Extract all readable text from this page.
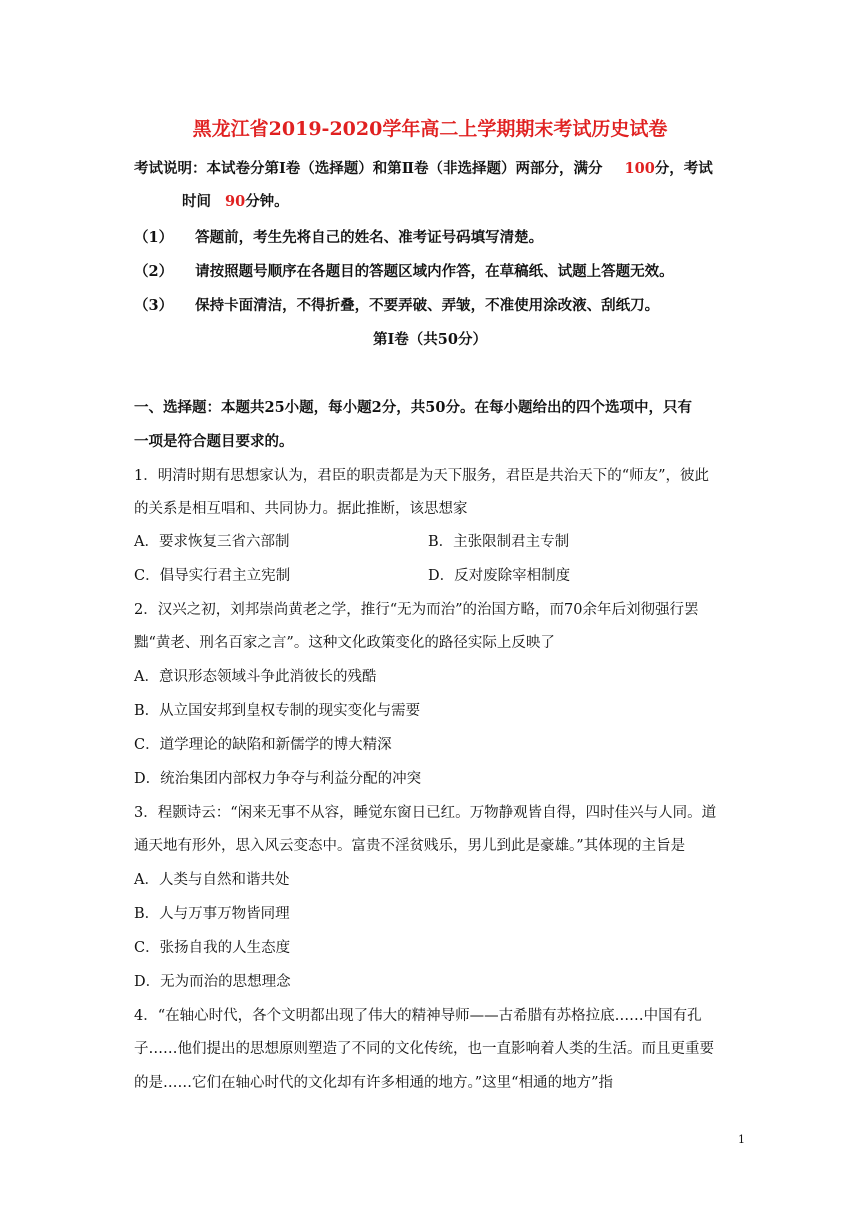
黑龙江省2019-2020学年高二上学期期末考试历史试卷
考试说明：本试卷分第Ⅰ卷（选择题）和第Ⅱ卷（非选择题）两部分，满分 100分，考试
时间 90分钟。
（1） 答题前，考生先将自己的姓名、准考证号码填写清楚。
（2） 请按照题号顺序在各题目的答题区域内作答，在草稿纸、试题上答题无效。
（3） 保持卡面清洁，不得折叠，不要弄破、弄皱，不准使用涂改液、刮纸刀。
第Ⅰ卷（共50分）
一、选择题：本题共25小题，每小题2分，共50分。在每小题给出的四个选项中，只有
一项是符合题目要求的。
1．明清时期有思想家认为，君臣的职责都是为天下服务，君臣是共治天下的“师友”，彼此
的关系是相互唱和、共同协力。据此推断，该思想家
A．要求恢复三省六部制	B．主张限制君主专制
C．倡导实行君主立宪制	D．反对废除宰相制度
2．汉兴之初，刘邦崇尚黄老之学，推行“无为而治”的治国方略，而70余年后刘彻强行罢
黜“黄老、刑名百家之言”。这种文化政策变化的路径实际上反映了
A．意识形态领域斗争此消彼长的残酷
B．从立国安邦到皇权专制的现实变化与需要
C．道学理论的缺陷和新儒学的博大精深
D．统治集团内部权力争夺与利益分配的冲突
3．程颢诗云：“闲来无事不从容，睡觉东窗日已红。万物静观皆自得，四时佳兴与人同。道
通天地有形外，思入风云变态中。富贵不淫贫贱乐，男儿到此是豪雄。”其体现的主旨是
A．人类与自然和谐共处
B．人与万事万物皆同理
C．张扬自我的人生态度
D．无为而治的思想理念
4．“在轴心时代，各个文明都出现了伟大的精神导师——古希腊有苏格拉底……中国有孔
子……他们提出的思想原则塑造了不同的文化传统，也一直影响着人类的生活。而且更重要
的是……它们在轴心时代的文化却有许多相通的地方。”这里“相通的地方”指
1
